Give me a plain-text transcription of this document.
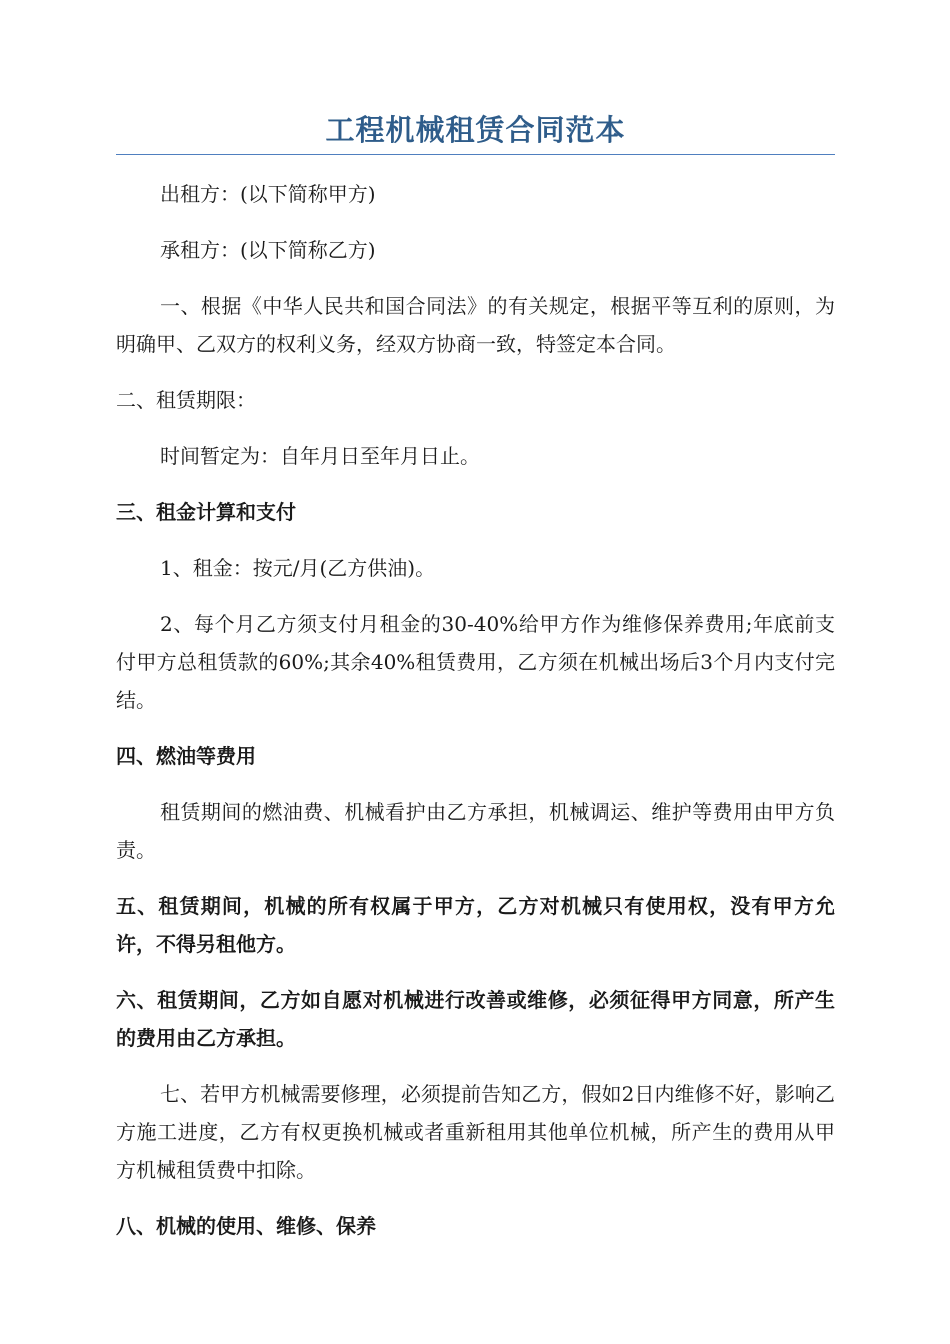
工程机械租赁合同范本

出租方：(以下简称甲方)

承租方：(以下简称乙方)

一、根据《中华人民共和国合同法》的有关规定，根据平等互利的原则，为明确甲、乙双方的权利义务，经双方协商一致，特签定本合同。

二、租赁期限：

时间暂定为：自年月日至年月日止。

三、租金计算和支付

1、租金：按元/月(乙方供油)。

2、每个月乙方须支付月租金的30-40%给甲方作为维修保养费用;年底前支付甲方总租赁款的60%;其余40%租赁费用，乙方须在机械出场后3个月内支付完结。

四、燃油等费用

租赁期间的燃油费、机械看护由乙方承担，机械调运、维护等费用由甲方负责。

五、租赁期间，机械的所有权属于甲方，乙方对机械只有使用权，没有甲方允许，不得另租他方。

六、租赁期间，乙方如自愿对机械进行改善或维修，必须征得甲方同意，所产生的费用由乙方承担。

七、若甲方机械需要修理，必须提前告知乙方，假如2日内维修不好，影响乙方施工进度，乙方有权更换机械或者重新租用其他单位机械，所产生的费用从甲方机械租赁费中扣除。

八、机械的使用、维修、保养
